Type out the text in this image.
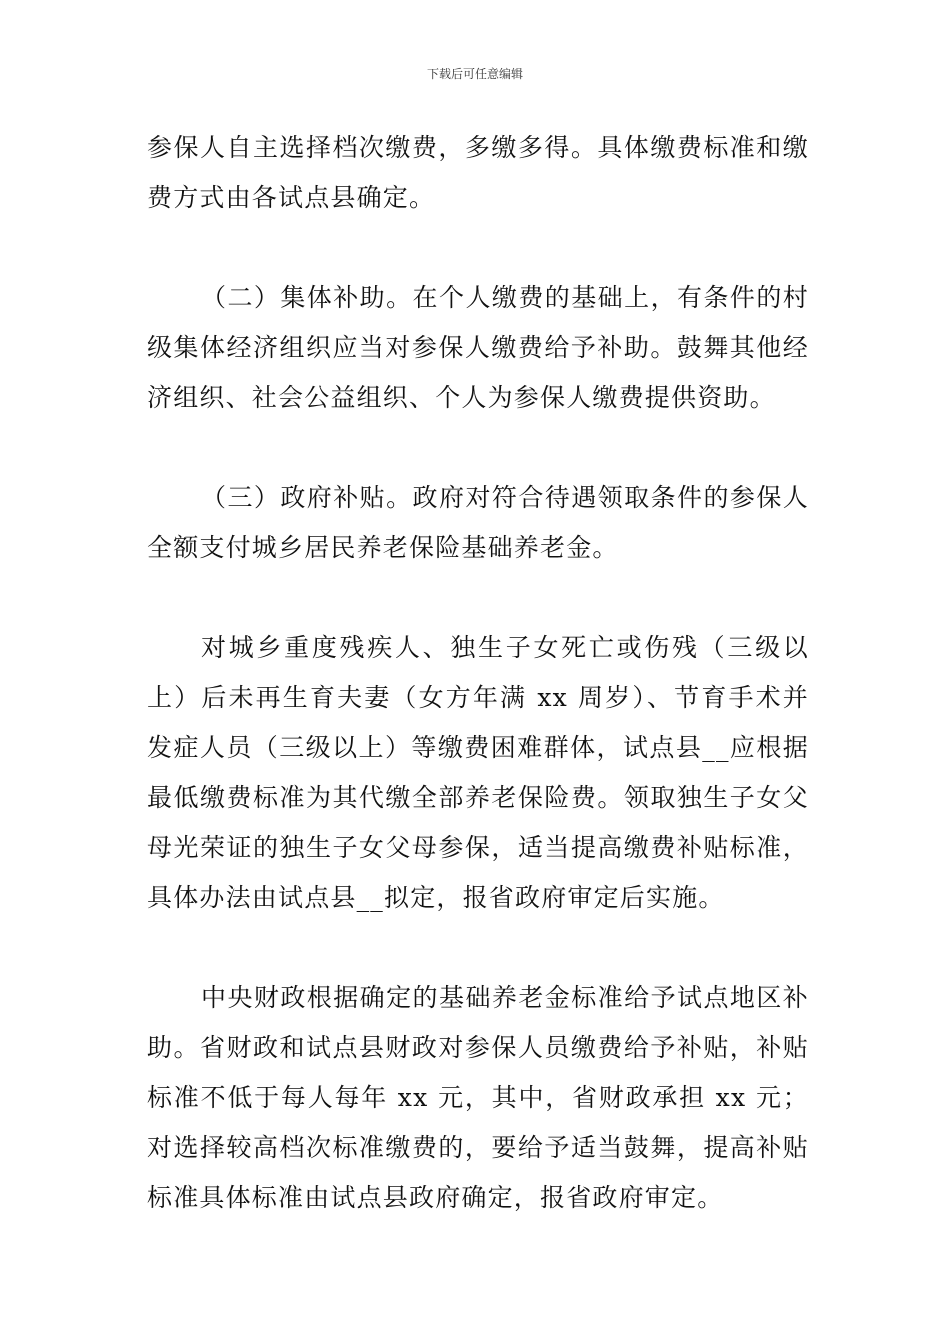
下载后可任意编辑

参保人自主选择档次缴费，多缴多得。具体缴费标准和缴费方式由各试点县确定。

（二）集体补助。在个人缴费的基础上，有条件的村级集体经济组织应当对参保人缴费给予补助。鼓舞其他经济组织、社会公益组织、个人为参保人缴费提供资助。

（三）政府补贴。政府对符合待遇领取条件的参保人全额支付城乡居民养老保险基础养老金。

对城乡重度残疾人、独生子女死亡或伤残（三级以上）后未再生育夫妻（女方年满 xx 周岁）、节育手术并发症人员（三级以上）等缴费困难群体，试点县__应根据最低缴费标准为其代缴全部养老保险费。领取独生子女父母光荣证的独生子女父母参保，适当提高缴费补贴标准，具体办法由试点县__拟定，报省政府审定后实施。

中央财政根据确定的基础养老金标准给予试点地区补助。省财政和试点县财政对参保人员缴费给予补贴，补贴标准不低于每人每年 xx 元，其中，省财政承担 xx 元；对选择较高档次标准缴费的，要给予适当鼓舞，提高补贴标准具体标准由试点县政府确定，报省政府审定。
